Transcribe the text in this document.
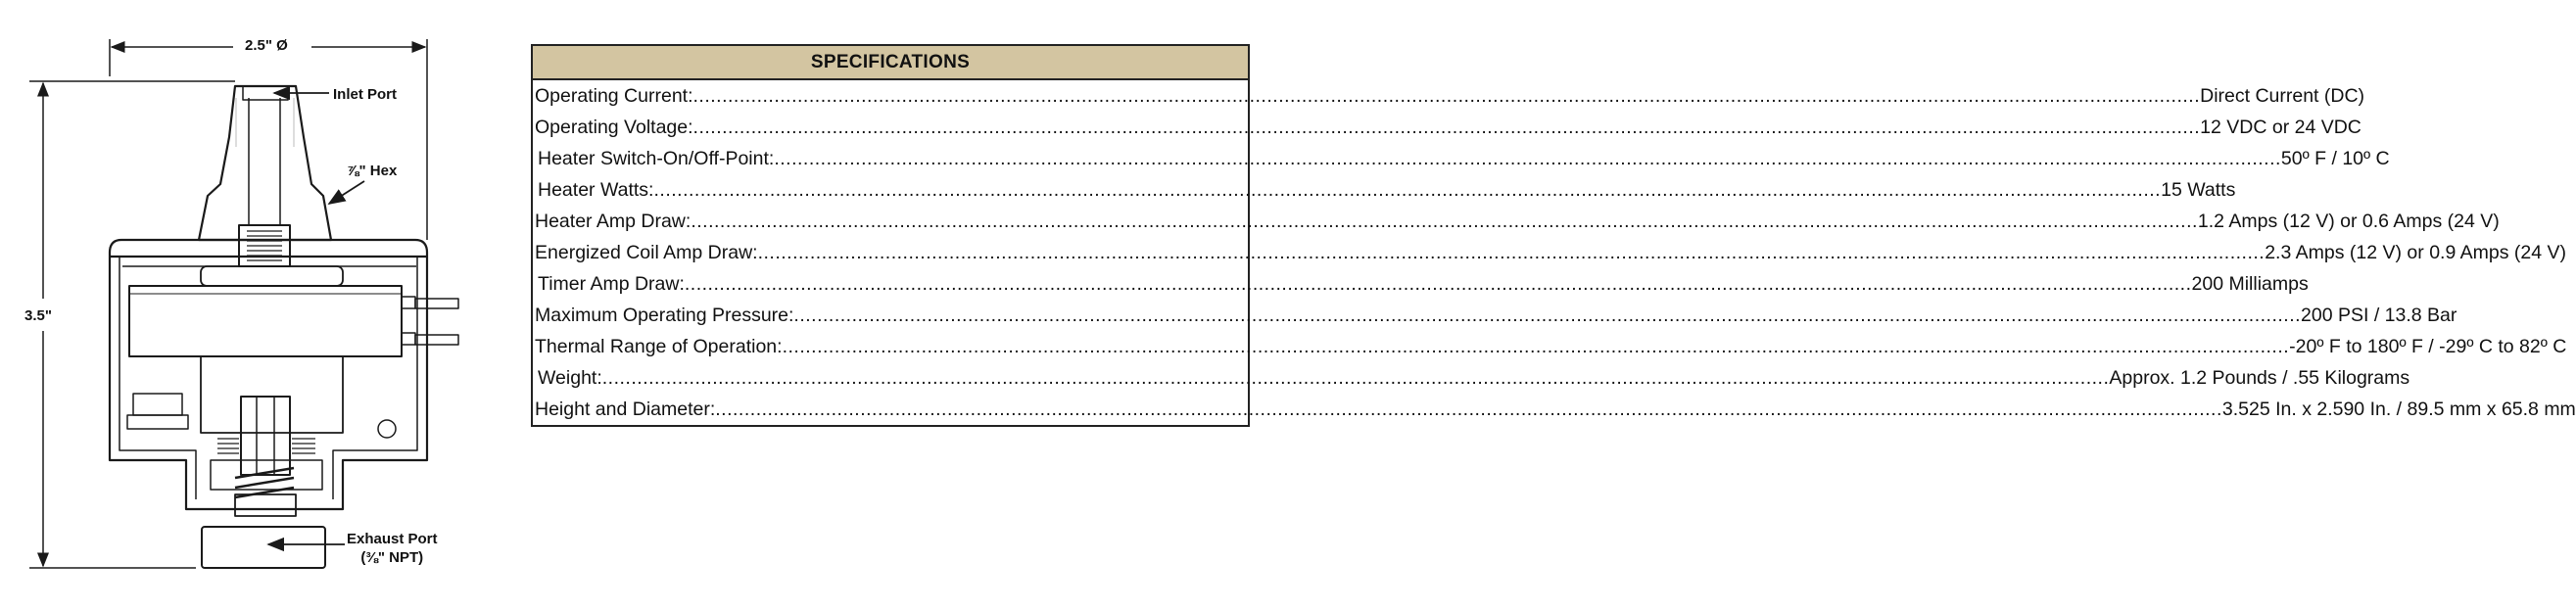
2.5" Ø
3.5"
Inlet Port
⅞" Hex
Exhaust Port
(⅜" NPT)
SPECIFICATIONS
Operating Current: .................................................................................................................................................................................................................................................................... Direct Current (DC)
Operating Voltage: .................................................................................................................................................................................................................................................................... 12 VDC or 24 VDC
Heater Switch-On/Off-Point: .................................................................................................................................................................................................................................................................... 50º F / 10º C
Heater Watts: .................................................................................................................................................................................................................................................................... 15 Watts
Heater Amp Draw: .................................................................................................................................................................................................................................................................... 1.2 Amps (12 V) or 0.6 Amps (24 V)
Energized Coil Amp Draw: .................................................................................................................................................................................................................................................................... 2.3 Amps (12 V) or 0.9 Amps (24 V)
Timer Amp Draw: .................................................................................................................................................................................................................................................................... 200 Milliamps
Maximum Operating Pressure: .................................................................................................................................................................................................................................................................... 200 PSI / 13.8 Bar
Thermal Range of Operation: .................................................................................................................................................................................................................................................................... -20º F to 180º F / -29º C to 82º C
Weight: .................................................................................................................................................................................................................................................................... Approx. 1.2 Pounds / .55 Kilograms
Height and Diameter: .................................................................................................................................................................................................................................................................... 3.525 In. x 2.590 In. / 89.5 mm x 65.8 mm
